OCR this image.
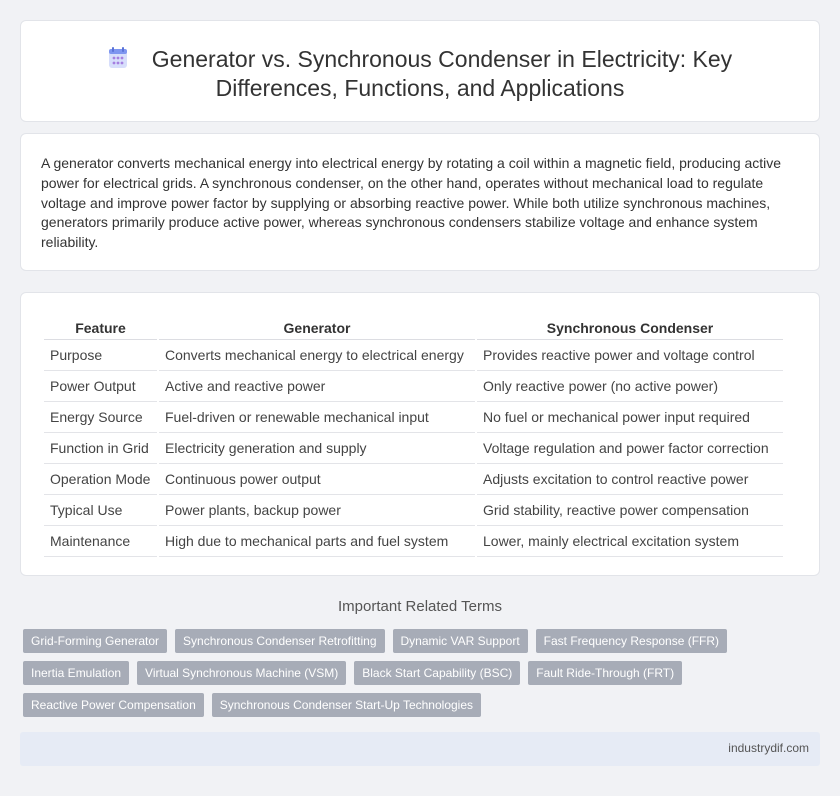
Generator vs. Synchronous Condenser in Electricity: Key
Differences, Functions, and Applications

A generator converts mechanical energy into electrical energy by rotating a coil within a magnetic field, producing active power for electrical grids. A synchronous condenser, on the other hand, operates without mechanical load to regulate voltage and improve power factor by supplying or absorbing reactive power. While both utilize synchronous machines, generators primarily produce active power, whereas synchronous condensers stabilize voltage and enhance system reliability.

Feature	Generator	Synchronous Condenser
Purpose	Converts mechanical energy to electrical energy	Provides reactive power and voltage control
Power Output	Active and reactive power	Only reactive power (no active power)
Energy Source	Fuel-driven or renewable mechanical input	No fuel or mechanical power input required
Function in Grid	Electricity generation and supply	Voltage regulation and power factor correction
Operation Mode	Continuous power output	Adjusts excitation to control reactive power
Typical Use	Power plants, backup power	Grid stability, reactive power compensation
Maintenance	High due to mechanical parts and fuel system	Lower, mainly electrical excitation system
Important Related Terms
Grid-Forming Generator	Synchronous Condenser Retrofitting	Dynamic VAR Support	Fast Frequency Response (FFR)
Inertia Emulation	Virtual Synchronous Machine (VSM)	Black Start Capability (BSC)	Fault Ride-Through (FRT)
Reactive Power Compensation	Synchronous Condenser Start-Up Technologies
industrydif.com
